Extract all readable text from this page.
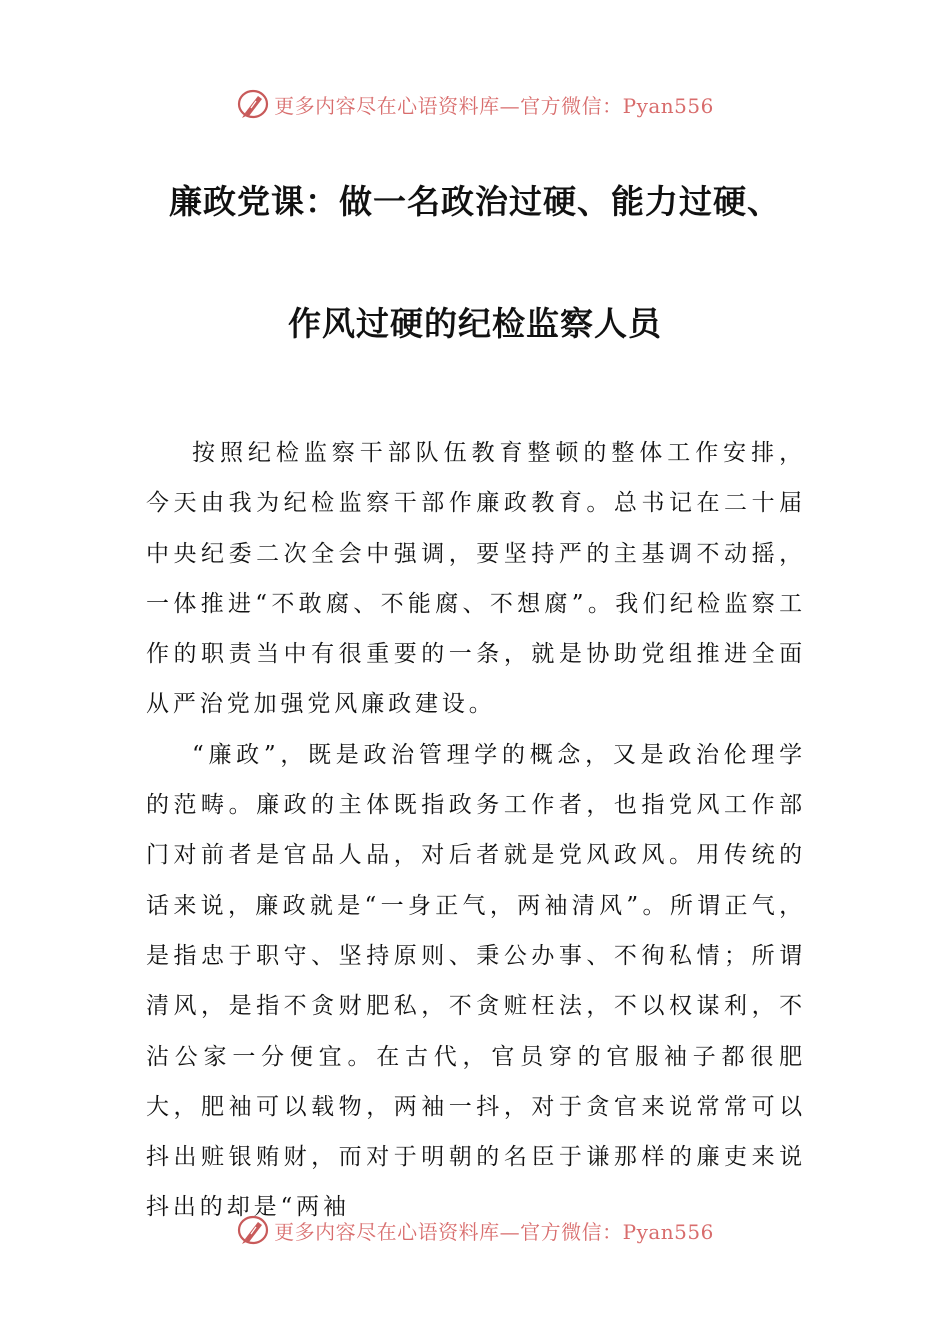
更多内容尽在心语资料库—官方微信：Pyan556
廉政党课：做一名政治过硬、能力过硬、
作风过硬的纪检监察人员

按照纪检监察干部队伍教育整顿的整体工作安排，今天由我为纪检监察干部作廉政教育。总书记在二十届中央纪委二次全会中强调，要坚持严的主基调不动摇，一体推进“不敢腐、不能腐、不想腐”。我们纪检监察工作的职责当中有很重要的一条，就是协助党组推进全面从严治党加强党风廉政建设。

“廉政”，既是政治管理学的概念，又是政治伦理学的范畴。廉政的主体既指政务工作者，也指党风工作部门对前者是官品人品，对后者就是党风政风。用传统的话来说，廉政就是“一身正气，两袖清风”。所谓正气，是指忠于职守、坚持原则、秉公办事、不徇私情；所谓清风，是指不贪财肥私，不贪赃枉法，不以权谋利，不沾公家一分便宜。在古代，官员穿的官服袖子都很肥大，肥袖可以载物，两袖一抖，对于贪官来说常常可以抖出赃银贿财，而对于明朝的名臣于谦那样的廉吏来说抖出的却是“两袖

更多内容尽在心语资料库—官方微信：Pyan556
